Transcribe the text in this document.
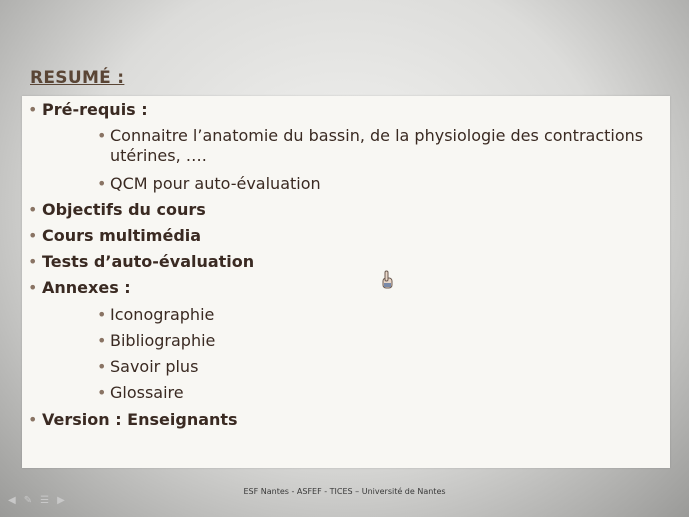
RESUMÉ :
• Pré-requis :
• Connaitre l’anatomie du bassin, de la physiologie des contractions utérines, ….
• QCM pour auto-évaluation
• Objectifs du cours
• Cours multimédia
• Tests d’auto-évaluation
• Annexes :
• Iconographie
• Bibliographie
• Savoir plus
• Glossaire
• Version : Enseignants
ESF Nantes - ASFEF - TICES – Université de Nantes
◀ ✎ ☰ ▶
